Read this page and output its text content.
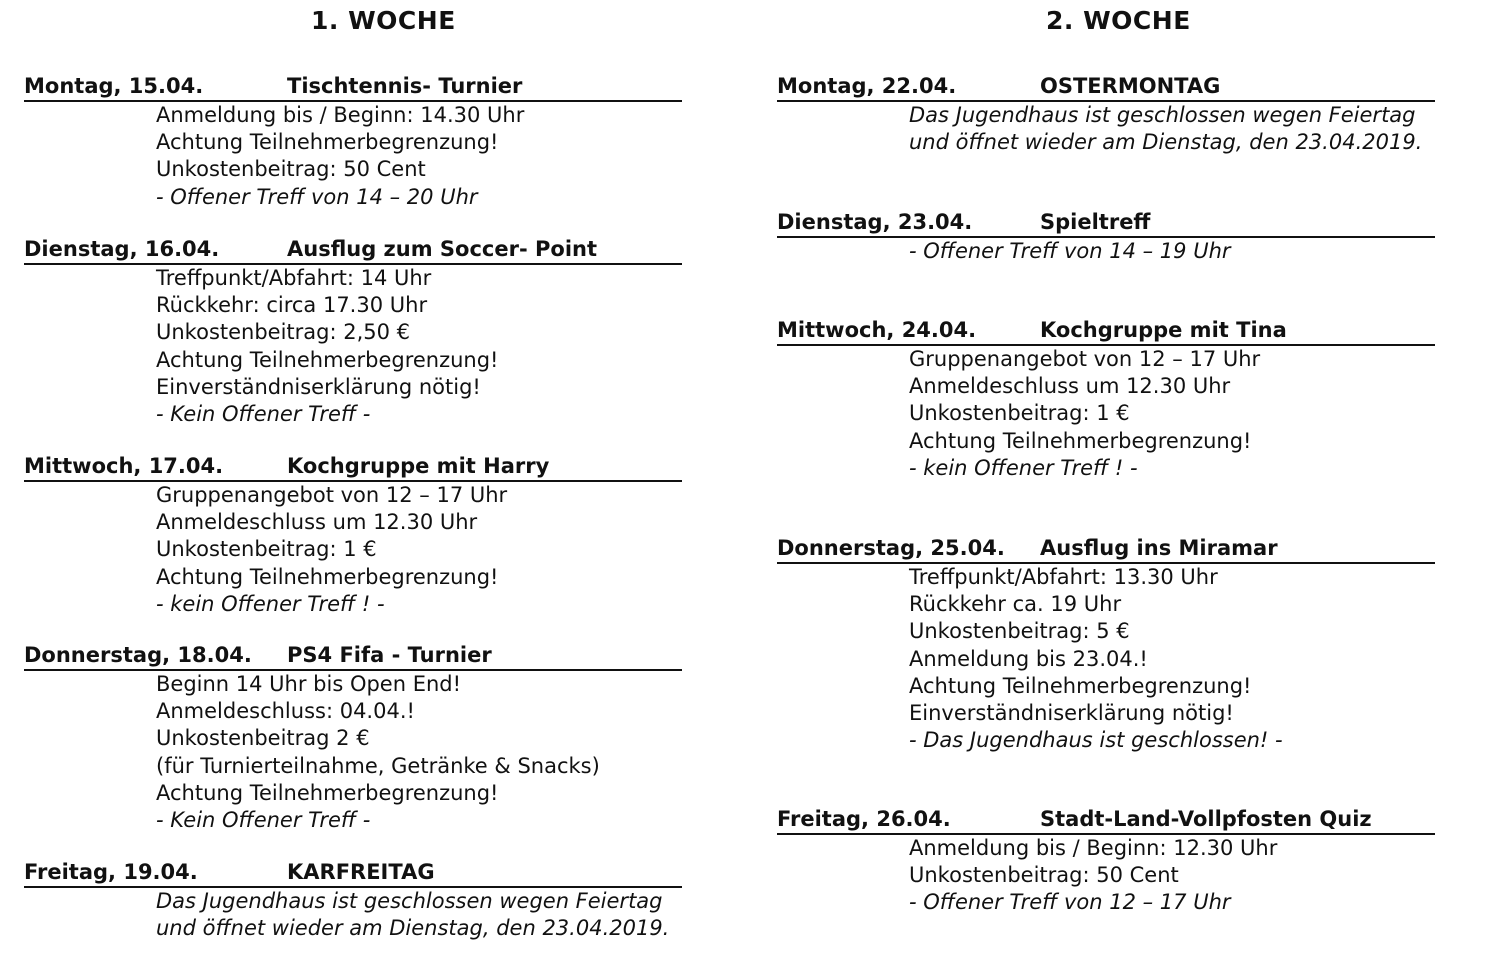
1. WOCHE
Montag, 15.04.	Tischtennis- Turnier
Anmeldung bis / Beginn: 14.30 Uhr
Achtung Teilnehmerbegrenzung!
Unkostenbeitrag: 50 Cent
- Offener Treff von 14 – 20 Uhr
Dienstag, 16.04.	Ausflug zum Soccer- Point
Treffpunkt/Abfahrt: 14 Uhr
Rückkehr: circa 17.30 Uhr
Unkostenbeitrag: 2,50 €
Achtung Teilnehmerbegrenzung!
Einverständniserklärung nötig!
- Kein Offener Treff -
Mittwoch, 17.04.	Kochgruppe mit Harry
Gruppenangebot von 12 – 17 Uhr
Anmeldeschluss um 12.30 Uhr
Unkostenbeitrag: 1 €
Achtung Teilnehmerbegrenzung!
- kein Offener Treff ! -
Donnerstag, 18.04. PS4 Fifa - Turnier
Beginn 14 Uhr bis Open End!
Anmeldeschluss: 04.04.!
Unkostenbeitrag 2 €
(für Turnierteilnahme, Getränke & Snacks)
Achtung Teilnehmerbegrenzung!
- Kein Offener Treff -
Freitag, 19.04.	KARFREITAG
Das Jugendhaus ist geschlossen wegen Feiertag
und öffnet wieder am Dienstag, den 23.04.2019.
2. WOCHE
Montag, 22.04.	OSTERMONTAG
Das Jugendhaus ist geschlossen wegen Feiertag
und öffnet wieder am Dienstag, den 23.04.2019.
Dienstag, 23.04.	Spieltreff
- Offener Treff von 14 – 19 Uhr
Mittwoch, 24.04.	Kochgruppe mit Tina
Gruppenangebot von 12 – 17 Uhr
Anmeldeschluss um 12.30 Uhr
Unkostenbeitrag: 1 €
Achtung Teilnehmerbegrenzung!
- kein Offener Treff ! -
Donnerstag, 25.04. Ausflug ins Miramar
Treffpunkt/Abfahrt: 13.30 Uhr
Rückkehr ca. 19 Uhr
Unkostenbeitrag: 5 €
Anmeldung bis 23.04.!
Achtung Teilnehmerbegrenzung!
Einverständniserklärung nötig!
- Das Jugendhaus ist geschlossen! -
Freitag, 26.04.	Stadt-Land-Vollpfosten Quiz
Anmeldung bis / Beginn: 12.30 Uhr
Unkostenbeitrag: 50 Cent
- Offener Treff von 12 – 17 Uhr
